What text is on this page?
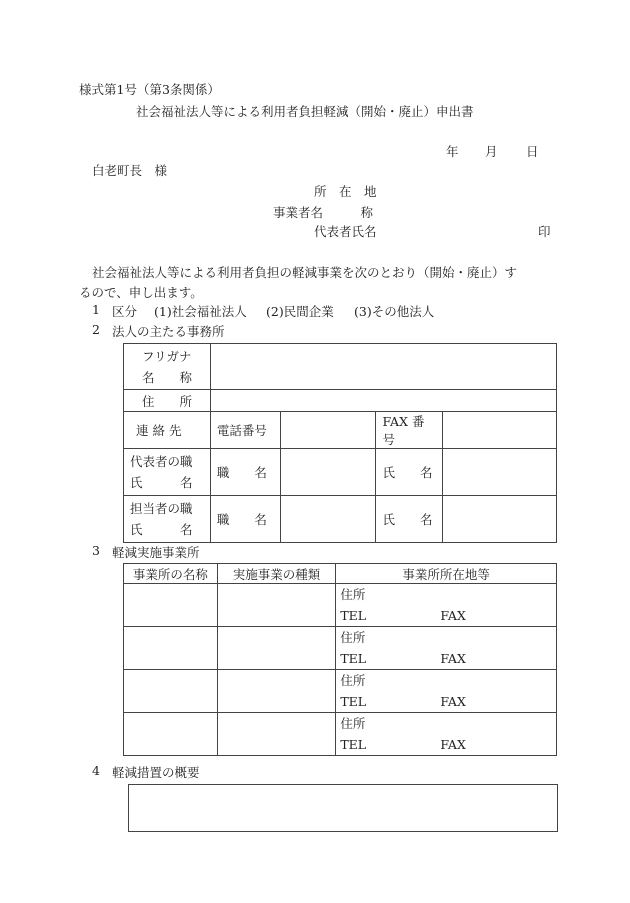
様式第1号（第3条関係）
社会福祉法人等による利用者負担軽減（開始・廃止）申出書
年 月 日
白老町長　様
所　在　地
事業者名　　　称
代表者氏名	印
社会福祉法人等による利用者負担の軽減事業を次のとおり（開始・廃止）す
るので、申し出ます。
1 区分 (1)社会福祉法人 (2)民間企業 (3)その他法人
2 法人の主たる事務所
フリガナ
名　　称				

住　　所				
連 絡 先	電話番号		FAX 番号	

代表者の職
氏　　　名	職　　名		氏　　名	

担当者の職
氏　　　名	職　　名		氏　　名	
3 軽減実施事業所
事業所の名称	実施事業の種類	事業所所在地等

		住所
TEL FAX

		住所
TEL FAX

		住所
TEL FAX

		住所
TEL FAX
4 軽減措置の概要
